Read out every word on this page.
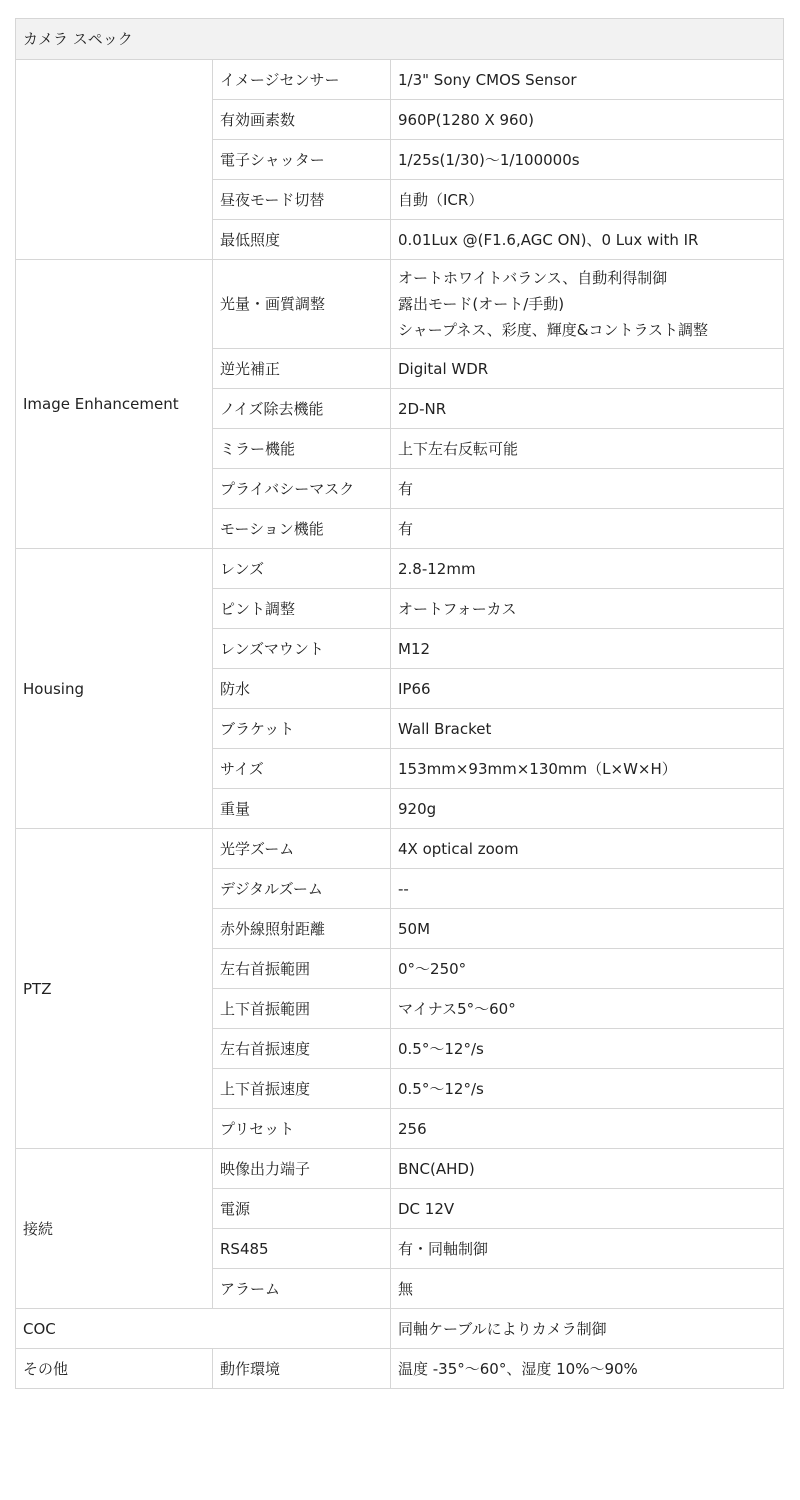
カメラ スペック		
	イメージセンサー	1/3" Sony CMOS Sensor
	有効画素数	960P(1280 X 960)
	電子シャッター	1/25s(1/30)〜1/100000s
	昼夜モード切替	自動（ICR）
	最低照度	0.01Lux @(F1.6,AGC ON)、0 Lux with IR
Image Enhancement	光量・画質調整	オートホワイトバランス、自動利得制御
露出モード(オート/手動)
シャープネス、彩度、輝度&コントラスト調整

	逆光補正	Digital WDR
	ノイズ除去機能	2D-NR
	ミラー機能	上下左右反転可能
	プライバシーマスク	有
	モーション機能	有
Housing	レンズ	2.8-12mm
	ピント調整	オートフォーカス
	レンズマウント	M12
	防水	IP66
	ブラケット	Wall Bracket
	サイズ	153mm×93mm×130mm（L×W×H）
	重量	920g
PTZ	光学ズーム	4X optical zoom
	デジタルズーム	--
	赤外線照射距離	50M
	左右首振範囲	0°〜250°
	上下首振範囲	マイナス5°〜60°
	左右首振速度	0.5°〜12°/s
	上下首振速度	0.5°〜12°/s
	プリセット	256
接続	映像出力端子	BNC(AHD)
	電源	DC 12V
	RS485	有・同軸制御
	アラーム	無
COC		同軸ケーブルによりカメラ制御
その他	動作環境	温度 -35°〜60°、湿度 10%〜90%
